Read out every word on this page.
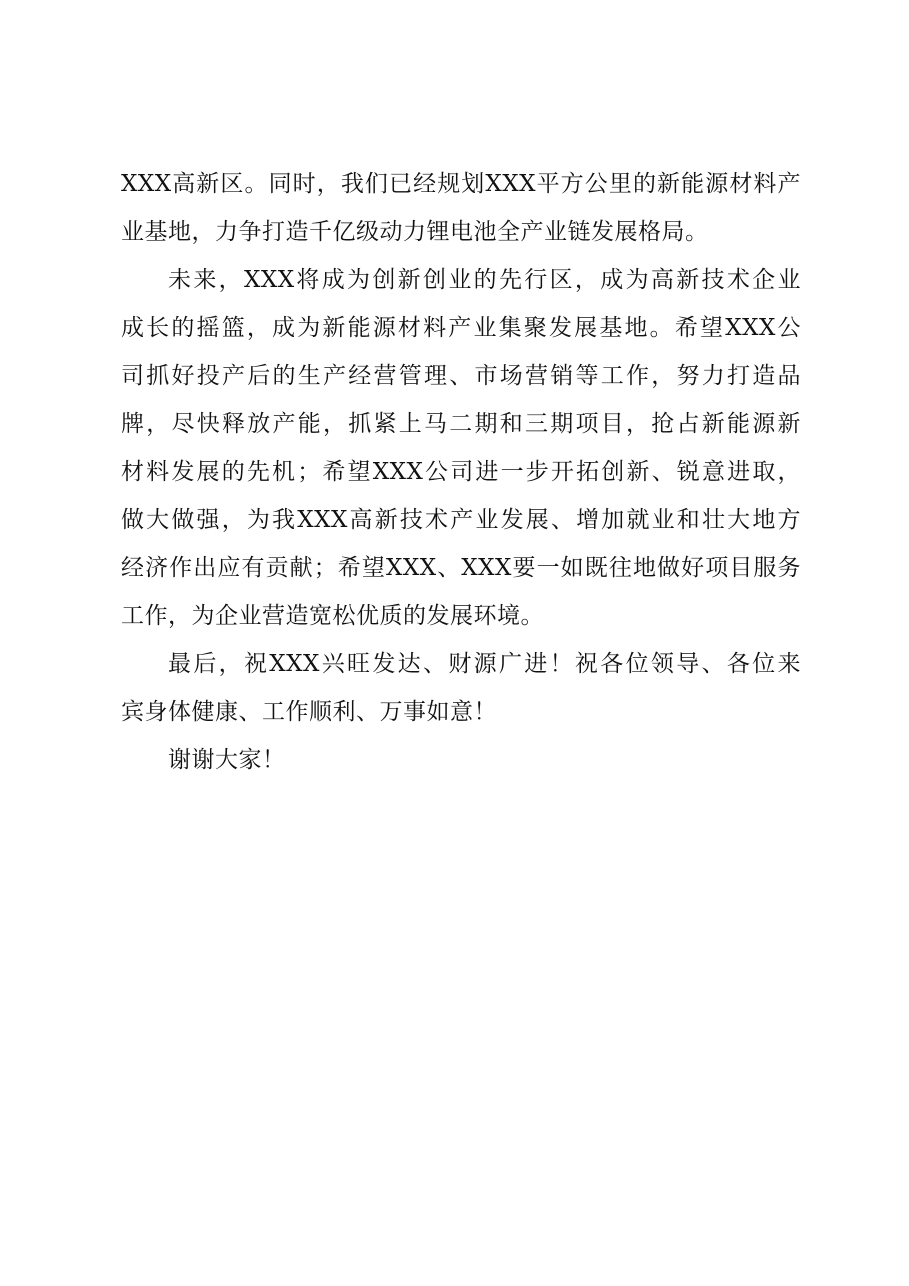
XXX高新区。同时，我们已经规划XXX平方公里的新能源材料产
业基地，力争打造千亿级动力锂电池全产业链发展格局。
未来，XXX将成为创新创业的先行区，成为高新技术企业
成长的摇篮，成为新能源材料产业集聚发展基地。希望XXX公
司抓好投产后的生产经营管理、市场营销等工作，努力打造品
牌，尽快释放产能，抓紧上马二期和三期项目，抢占新能源新
材料发展的先机；希望XXX公司进一步开拓创新、锐意进取，
做大做强，为我XXX高新技术产业发展、增加就业和壮大地方
经济作出应有贡献；希望XXX、XXX要一如既往地做好项目服务
工作，为企业营造宽松优质的发展环境。
最后，祝XXX兴旺发达、财源广进！祝各位领导、各位来
宾身体健康、工作顺利、万事如意！
谢谢大家！
